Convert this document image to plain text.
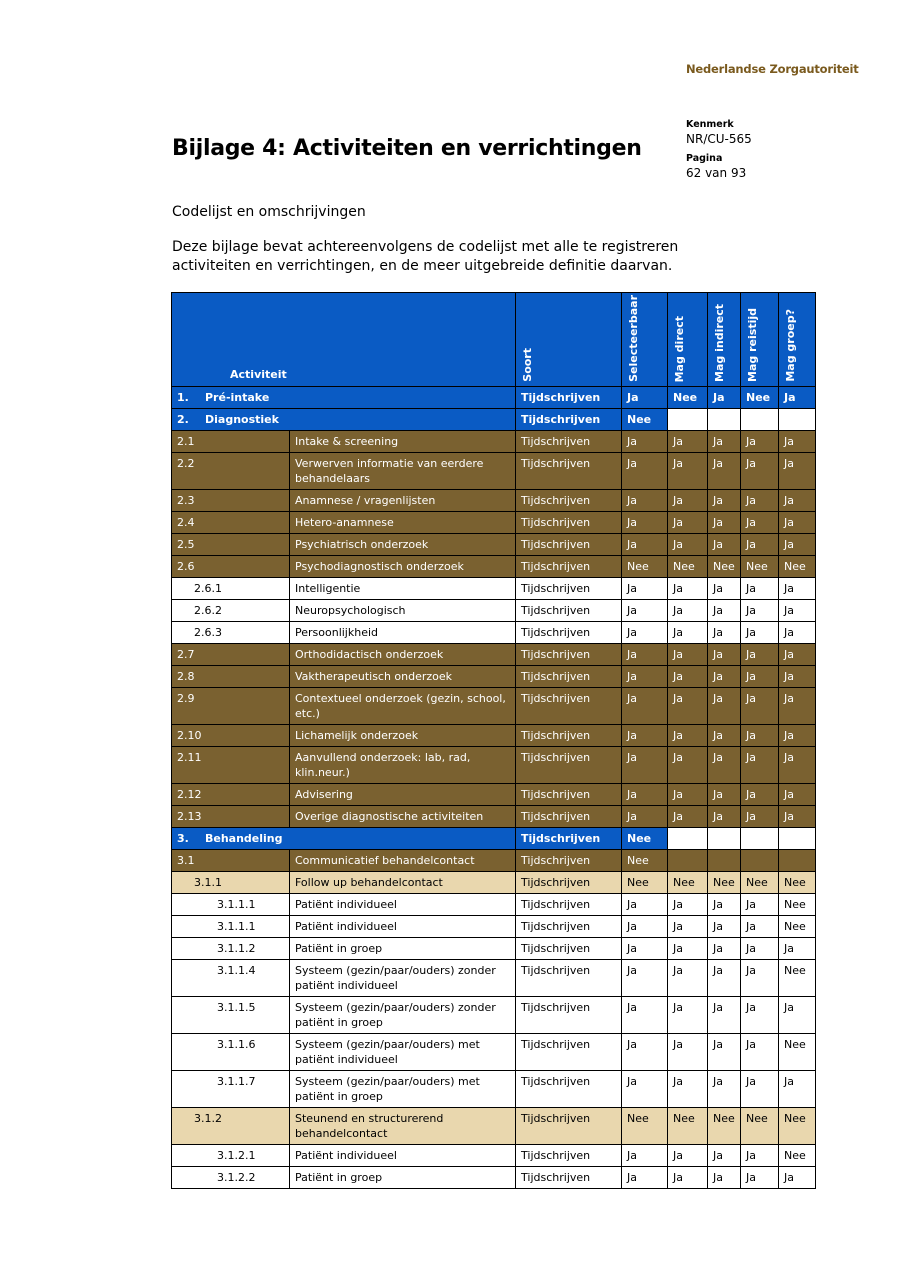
Nederlandse Zorgautoriteit
Kenmerk
NR/CU-565
Pagina
62 van 93
Bijlage 4: Activiteiten en verrichtingen
Codelijst en omschrijvingen
Deze bijlage bevat achtereenvolgens de codelijst met alle te registreren activiteiten en verrichtingen, en de meer uitgebreide definitie daarvan.
Activiteit		Soort	Selecteerbaar	Mag direct	Mag indirect	Mag reistijd	Mag groep?

1. Pré-intake		Tijdschrijven	Ja	Nee	Ja	Nee	Ja
2. Diagnostiek		Tijdschrijven	Nee				
2.1	Intake & screening	Tijdschrijven	Ja	Ja	Ja	Ja	Ja
2.2	Verwerven informatie van eerdere behandelaars	Tijdschrijven	Ja	Ja	Ja	Ja	Ja
2.3	Anamnese / vragenlijsten	Tijdschrijven	Ja	Ja	Ja	Ja	Ja
2.4	Hetero-anamnese	Tijdschrijven	Ja	Ja	Ja	Ja	Ja
2.5	Psychiatrisch onderzoek	Tijdschrijven	Ja	Ja	Ja	Ja	Ja
2.6	Psychodiagnostisch onderzoek	Tijdschrijven	Nee	Nee	Nee	Nee	Nee
2.6.1	Intelligentie	Tijdschrijven	Ja	Ja	Ja	Ja	Ja
2.6.2	Neuropsychologisch	Tijdschrijven	Ja	Ja	Ja	Ja	Ja
2.6.3	Persoonlijkheid	Tijdschrijven	Ja	Ja	Ja	Ja	Ja
2.7	Orthodidactisch onderzoek	Tijdschrijven	Ja	Ja	Ja	Ja	Ja
2.8	Vaktherapeutisch onderzoek	Tijdschrijven	Ja	Ja	Ja	Ja	Ja
2.9	Contextueel onderzoek (gezin, school, etc.)	Tijdschrijven	Ja	Ja	Ja	Ja	Ja
2.10	Lichamelijk onderzoek	Tijdschrijven	Ja	Ja	Ja	Ja	Ja
2.11	Aanvullend onderzoek: lab, rad, klin.neur.)	Tijdschrijven	Ja	Ja	Ja	Ja	Ja
2.12	Advisering	Tijdschrijven	Ja	Ja	Ja	Ja	Ja
2.13	Overige diagnostische activiteiten	Tijdschrijven	Ja	Ja	Ja	Ja	Ja
3. Behandeling		Tijdschrijven	Nee				
3.1	Communicatief behandelcontact	Tijdschrijven	Nee				
3.1.1	Follow up behandelcontact	Tijdschrijven	Nee	Nee	Nee	Nee	Nee
3.1.1.1	Patiënt individueel	Tijdschrijven	Ja	Ja	Ja	Ja	Nee
3.1.1.1	Patiënt individueel	Tijdschrijven	Ja	Ja	Ja	Ja	Nee
3.1.1.2	Patiënt in groep	Tijdschrijven	Ja	Ja	Ja	Ja	Ja
3.1.1.4	Systeem (gezin/paar/ouders) zonder patiënt individueel	Tijdschrijven	Ja	Ja	Ja	Ja	Nee
3.1.1.5	Systeem (gezin/paar/ouders) zonder patiënt in groep	Tijdschrijven	Ja	Ja	Ja	Ja	Ja
3.1.1.6	Systeem (gezin/paar/ouders) met patiënt individueel	Tijdschrijven	Ja	Ja	Ja	Ja	Nee
3.1.1.7	Systeem (gezin/paar/ouders) met patiënt in groep	Tijdschrijven	Ja	Ja	Ja	Ja	Ja
3.1.2	Steunend en structurerend behandelcontact	Tijdschrijven	Nee	Nee	Nee	Nee	Nee
3.1.2.1	Patiënt individueel	Tijdschrijven	Ja	Ja	Ja	Ja	Nee
3.1.2.2	Patiënt in groep	Tijdschrijven	Ja	Ja	Ja	Ja	Ja
